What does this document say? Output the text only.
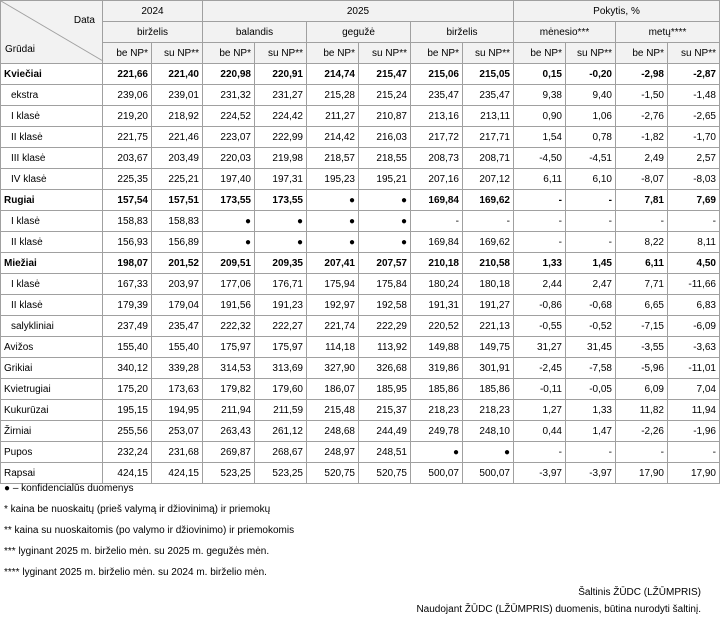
Data
Grūdai	2024		2025						Pokytis, %			
	birželis		balandis		gegužė		birželis		mėnesio***		metų****	
	be NP*	su NP**	be NP*	su NP**	be NP*	su NP**	be NP*	su NP**	be NP*	su NP**	be NP*	su NP**
Kviečiai	221,66	221,40	220,98	220,91	214,74	215,47	215,06	215,05	0,15	-0,20	-2,98	-2,87
ekstra	239,06	239,01	231,32	231,27	215,28	215,24	235,47	235,47	9,38	9,40	-1,50	-1,48
I klasė	219,20	218,92	224,52	224,42	211,27	210,87	213,16	213,11	0,90	1,06	-2,76	-2,65
II klasė	221,75	221,46	223,07	222,99	214,42	216,03	217,72	217,71	1,54	0,78	-1,82	-1,70
III klasė	203,67	203,49	220,03	219,98	218,57	218,55	208,73	208,71	-4,50	-4,51	2,49	2,57
IV klasė	225,35	225,21	197,40	197,31	195,23	195,21	207,16	207,12	6,11	6,10	-8,07	-8,03
Rugiai	157,54	157,51	173,55	173,55	●	●	169,84	169,62	-	-	7,81	7,69
I klasė	158,83	158,83	●	●	●	●	-	-	-	-	-	-
II klasė	156,93	156,89	●	●	●	●	169,84	169,62	-	-	8,22	8,11
Miežiai	198,07	201,52	209,51	209,35	207,41	207,57	210,18	210,58	1,33	1,45	6,11	4,50
I klasė	167,33	203,97	177,06	176,71	175,94	175,84	180,24	180,18	2,44	2,47	7,71	-11,66
II klasė	179,39	179,04	191,56	191,23	192,97	192,58	191,31	191,27	-0,86	-0,68	6,65	6,83
salykliniai	237,49	235,47	222,32	222,27	221,74	222,29	220,52	221,13	-0,55	-0,52	-7,15	-6,09
Avižos	155,40	155,40	175,97	175,97	114,18	113,92	149,88	149,75	31,27	31,45	-3,55	-3,63
Grikiai	340,12	339,28	314,53	313,69	327,90	326,68	319,86	301,91	-2,45	-7,58	-5,96	-11,01
Kvietrugiai	175,20	173,63	179,82	179,60	186,07	185,95	185,86	185,86	-0,11	-0,05	6,09	7,04
Kukurūzai	195,15	194,95	211,94	211,59	215,48	215,37	218,23	218,23	1,27	1,33	11,82	11,94
Žirniai	255,56	253,07	263,43	261,12	248,68	244,49	249,78	248,10	0,44	1,47	-2,26	-1,96
Pupos	232,24	231,68	269,87	268,67	248,97	248,51	●	●	-	-	-	-
Rapsai	424,15	424,15	523,25	523,25	520,75	520,75	500,07	500,07	-3,97	-3,97	17,90	17,90
● – konfidencialūs duomenys
* kaina be nuoskaitų (prieš valymą ir džiovinimą) ir priemokų
** kaina su nuoskaitomis (po valymo ir džiovinimo) ir priemokomis
*** lyginant 2025 m. birželio mėn. su 2025 m. gegužės mėn.
**** lyginant 2025 m. birželio mėn. su 2024 m. birželio mėn.
Šaltinis ŽŪDC (LŽŪMPRIS)
Naudojant ŽŪDC (LŽŪMPRIS) duomenis, būtina nurodyti šaltinį.
